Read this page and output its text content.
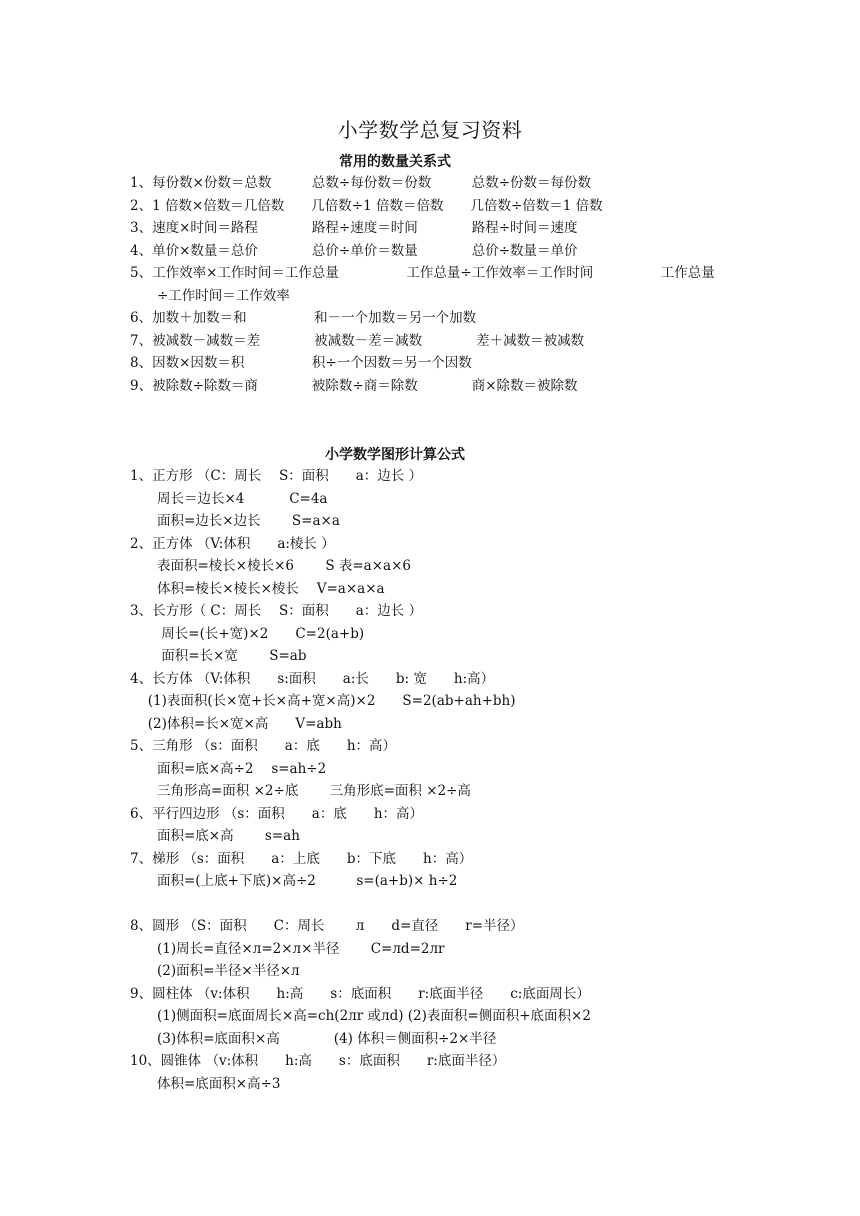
小学数学总复习资料
常用的数量关系式
1、每份数×份数＝总数　　　总数÷每份数＝份数　　　总数÷份数＝每份数
2、1 倍数×倍数＝几倍数　　几倍数÷1 倍数＝倍数　　几倍数÷倍数＝1 倍数
3、速度×时间＝路程　　　　路程÷速度＝时间　　　　路程÷时间＝速度
4、单价×数量＝总价　　　　总价÷单价＝数量　　　　总价÷数量＝单价
5、工作效率×工作时间＝工作总量　　　　　工作总量÷工作效率＝工作时间　　　　　工作总量
　　÷工作时间＝工作效率
6、加数＋加数＝和　　　　　和－一个加数＝另一个加数
7、被减数－减数＝差　　　　被减数－差＝减数　　　　差＋减数＝被减数
8、因数×因数＝积　　　　　积÷一个因数＝另一个因数
9、被除数÷除数＝商　　　　被除数÷商＝除数　　　　商×除数＝被除数
小学数学图形计算公式
1、正方形 （C：周长　 S：面积　　a：边长 ）
　　周长＝边长×4　　　 C=4a
　　面积=边长×边长　　 S=a×a
2、正方体 （V:体积　　a:棱长 ）
　　表面积=棱长×棱长×6　　 S 表=a×a×6
　　体积=棱长×棱长×棱长　 V=a×a×a
3、长方形（ C：周长　 S：面积　　a：边长 ）
　　 周长=(长+宽)×2　　C=2(a+b)
　　 面积=长×宽　　 S=ab
4、长方体 （V:体积　　s:面积　　a:长　　b: 宽　　h:高）
　 (1)表面积(长×宽+长×高+宽×高)×2　　S=2(ab+ah+bh)
　 (2)体积=长×宽×高　　V=abh
5、三角形 （s：面积　　a：底　　h：高）
　　面积=底×高÷2　 s=ah÷2
　　三角形高=面积 ×2÷底　　 三角形底=面积 ×2÷高
6、平行四边形 （s：面积　　a：底　　h：高）
　　面积=底×高　　 s=ah
7、梯形 （s：面积　　a：上底　　b：下底　　h：高）
　　面积=(上底+下底)×高÷2　　　s=(a+b)× h÷2
8、圆形 （S：面积　　C：周长　　 л　　d=直径　　r=半径）
　　(1)周长=直径×л=2×л×半径　　 C=лd=2лr
　　(2)面积=半径×半径×л
9、圆柱体 （v:体积　　h:高　　s：底面积　　r:底面半径　　c:底面周长）
　　(1)侧面积=底面周长×高=ch(2лr 或лd) (2)表面积=侧面积+底面积×2
　　(3)体积=底面积×高　　　　(4) 体积＝侧面积÷2×半径
10、圆锥体 （v:体积　　h:高　　s：底面积　　r:底面半径）
　　体积=底面积×高÷3
